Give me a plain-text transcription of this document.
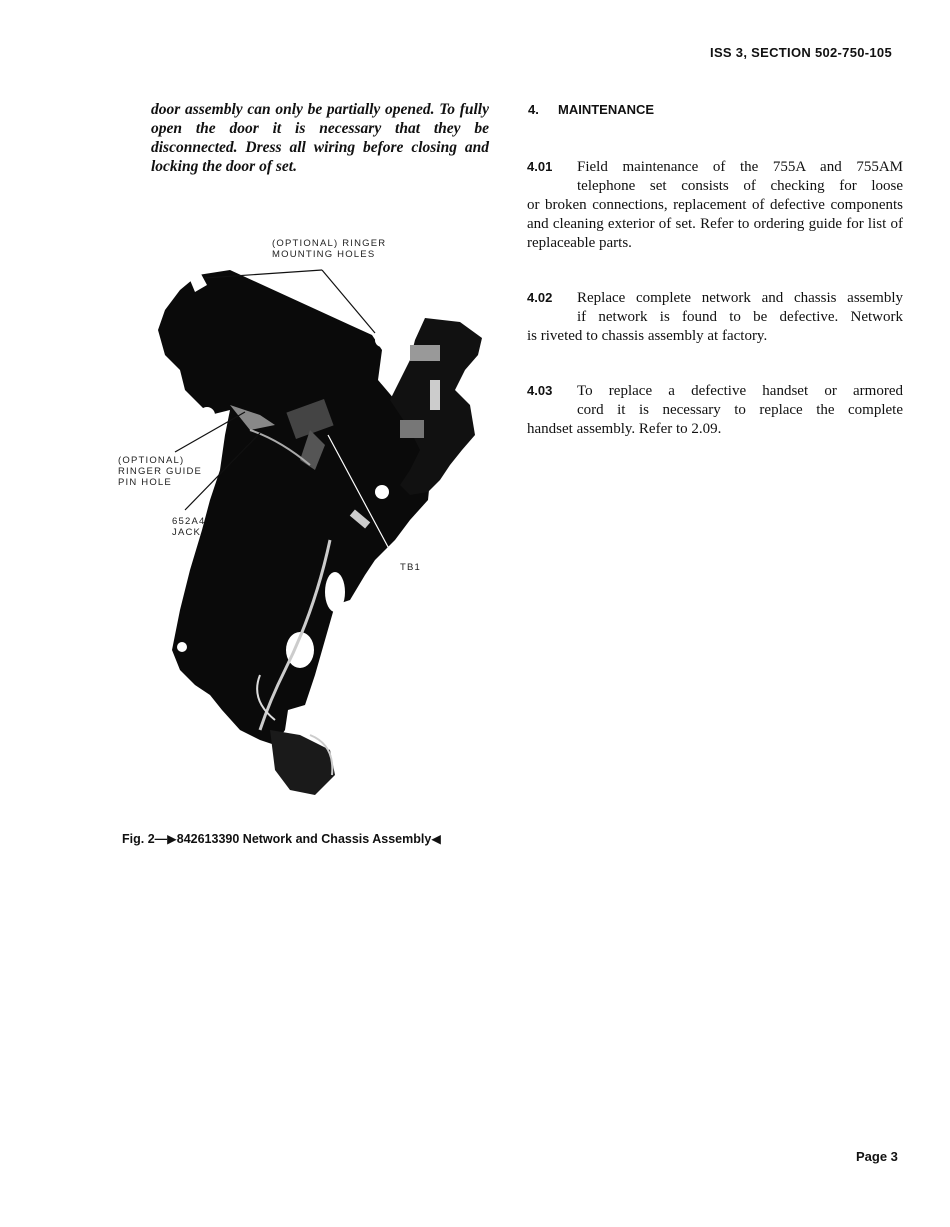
ISS 3, SECTION 502-750-105
door assembly can only be partially opened. To fully open the door it is necessary that they be disconnected. Dress all wiring before closing and locking the door of set.
4. MAINTENANCE
4.01 Field maintenance of the 755A and 755AM
telephone set consists of checking for loose
or broken connections, replacement of defective components and cleaning exterior of set. Refer to ordering guide for list of replaceable parts.
4.02 Replace complete network and chassis assembly
if network is found to be defective. Network
is riveted to chassis assembly at factory.
4.03 To replace a defective handset or armored
cord it is necessary to replace the complete
handset assembly. Refer to 2.09.
(OPTIONAL) RINGER
MOUNTING HOLES
(OPTIONAL)
RINGER GUIDE
PIN HOLE
652A4
JACK
TB1
Fig. 2—▶842613390 Network and Chassis Assembly◀
Page 3
